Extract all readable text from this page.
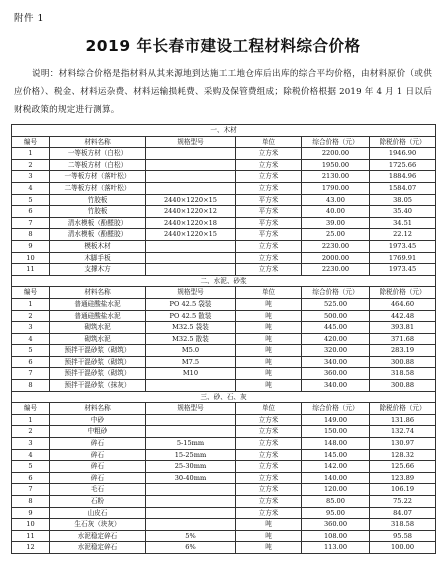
附件 1
2019 年长春市建设工程材料综合价格
说明：材料综合价格是指材料从其来源地到达施工工地仓库后出库的综合平均价格，由材料原价（或供应价格）、税金、材料运杂费、材料运输损耗费、采购及保管费组成；除税价格根据 2019 年 4 月 1 日以后财税政策的规定进行测算。
一、木材					
编号	材料名称	规格型号	单位	综合价格（元）	除税价格（元）
1	一等板方材（白松）		立方米	2200.00	1946.90
2	二等板方材（白松）		立方米	1950.00	1725.66
3	一等板方材（落叶松）		立方米	2130.00	1884.96
4	二等板方材（落叶松）		立方米	1790.00	1584.07
5	竹胶板	2440×1220×15	平方米	43.00	38.05
6	竹胶板	2440×1220×12	平方米	40.00	35.40
7	清水模板（酚醛胶）	2440×1220×18	平方米	39.00	34.51
8	清水模板（酚醛胶）	2440×1220×15	平方米	25.00	22.12
9	模板木材		立方米	2230.00	1973.45
10	木脚手板		立方米	2000.00	1769.91
11	支撑木方		立方米	2230.00	1973.45
二、水泥、砂浆					
编号	材料名称	规格型号	单位	综合价格（元）	除税价格（元）
1	普通硅酸盐水泥	PO 42.5 袋装	吨	525.00	464.60
2	普通硅酸盐水泥	PO 42.5 散装	吨	500.00	442.48
3	砌筑水泥	M32.5 袋装	吨	445.00	393.81
4	砌筑水泥	M32.5 散装	吨	420.00	371.68
5	预拌干混砂浆（砌筑）	M5.0	吨	320.00	283.19
6	预拌干混砂浆（砌筑）	M7.5	吨	340.00	300.88
7	预拌干混砂浆（砌筑）	M10	吨	360.00	318.58
8	预拌干混砂浆（抹灰）		吨	340.00	300.88
三、砂、石、灰					
编号	材料名称	规格型号	单位	综合价格（元）	除税价格（元）
1	中砂		立方米	149.00	131.86
2	中粗砂		立方米	150.00	132.74
3	碎石	5-15mm	立方米	148.00	130.97
4	碎石	15-25mm	立方米	145.00	128.32
5	碎石	25-30mm	立方米	142.00	125.66
6	碎石	30-40mm	立方米	140.00	123.89
7	毛石		立方米	120.00	106.19
8	石粉		立方米	85.00	75.22
9	山皮石		立方米	95.00	84.07
10	生石灰（块灰）		吨	360.00	318.58
11	水泥稳定碎石	5%	吨	108.00	95.58
12	水泥稳定碎石	6%	吨	113.00	100.00
